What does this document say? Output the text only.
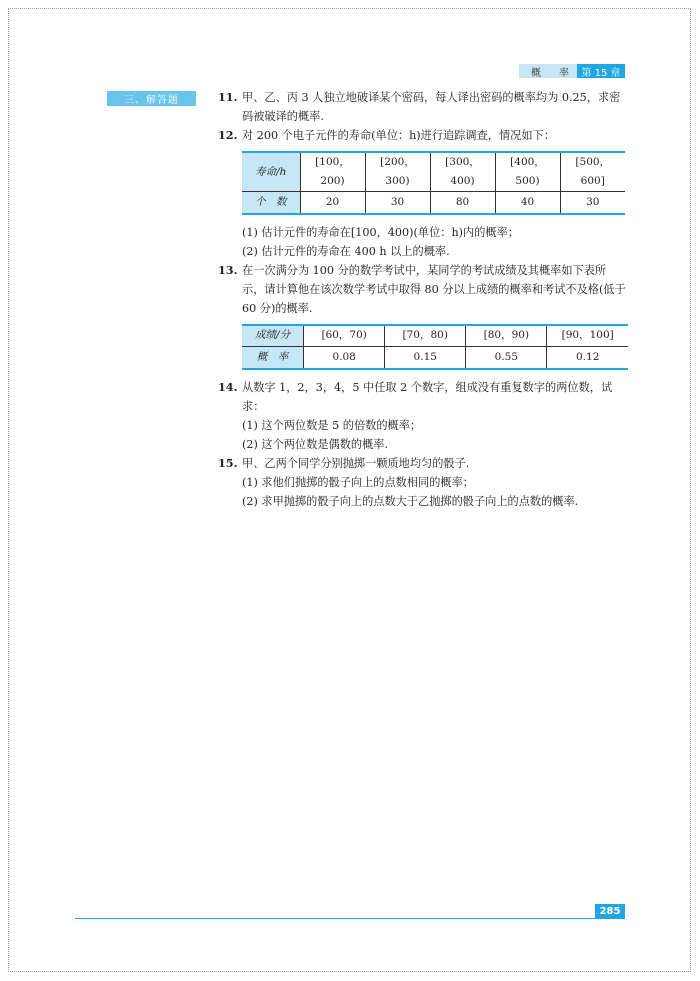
概 率	第 15 章
三、解答题	11. 甲、乙、丙 3 人独立地破译某个密码，每人译出密码的概率均为 0.25，求密码被破译的概率.
12. 对 200 个电子元件的寿命(单位：h)进行追踪调查，情况如下：
寿命/h	[100，200)	[200，300)	[300，400)	[400，500)	[500，600]
个　数	20	30	80	40	30
(1) 估计元件的寿命在[100，400)(单位：h)内的概率；
(2) 估计元件的寿命在 400 h 以上的概率.
13. 在一次满分为 100 分的数学考试中，某同学的考试成绩及其概率如下表所示，请计算他在该次数学考试中取得 80 分以上成绩的概率和考试不及格(低于 60 分)的概率.
成绩/分	[60，70)	[70，80)	[80，90)	[90，100]
概　率	0.08	0.15	0.55	0.12
14. 从数字 1，2，3，4，5 中任取 2 个数字，组成没有重复数字的两位数，试求：
(1) 这个两位数是 5 的倍数的概率；
(2) 这个两位数是偶数的概率.
15. 甲、乙两个同学分别抛掷一颗质地均匀的骰子.
(1) 求他们抛掷的骰子向上的点数相同的概率；
(2) 求甲抛掷的骰子向上的点数大于乙抛掷的骰子向上的点数的概率.
285
